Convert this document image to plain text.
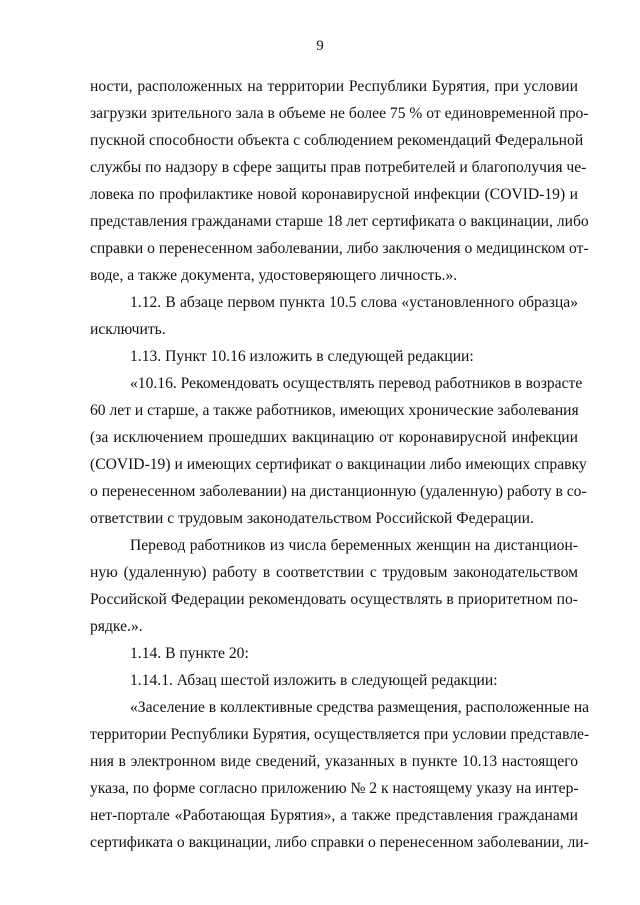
9

ности, расположенных на территории Республики Бурятия, при условии
загрузки зрительного зала в объеме не более 75 % от единовременной про-
пускной способности объекта с соблюдением рекомендаций Федеральной
службы по надзору в сфере защиты прав потребителей и благополучия че-
ловека по профилактике новой коронавирусной инфекции (COVID-19) и
представления гражданами старше 18 лет сертификата о вакцинации, либо
справки о перенесенном заболевании, либо заключения о медицинском от-
воде, а также документа, удостоверяющего личность.».

1.12. В абзаце первом пункта 10.5 слова «установленного образца»
исключить.

1.13. Пункт 10.16 изложить в следующей редакции:

«10.16. Рекомендовать осуществлять перевод работников в возрасте
60 лет и старше, а также работников, имеющих хронические заболевания
(за исключением прошедших вакцинацию от коронавирусной инфекции
(COVID-19) и имеющих сертификат о вакцинации либо имеющих справку
о перенесенном заболевании) на дистанционную (удаленную) работу в со-
ответствии с трудовым законодательством Российской Федерации.

Перевод работников из числа беременных женщин на дистанцион-
ную (удаленную) работу в соответствии с трудовым законодательством
Российской Федерации рекомендовать осуществлять в приоритетном по-
рядке.».

1.14. В пункте 20:

1.14.1. Абзац шестой изложить в следующей редакции:

«Заселение в коллективные средства размещения, расположенные на
территории Республики Бурятия, осуществляется при условии представле-
ния в электронном виде сведений, указанных в пункте 10.13 настоящего
указа, по форме согласно приложению № 2 к настоящему указу на интер-
нет-портале «Работающая Бурятия», а также представления гражданами
сертификата о вакцинации, либо справки о перенесенном заболевании, ли-
